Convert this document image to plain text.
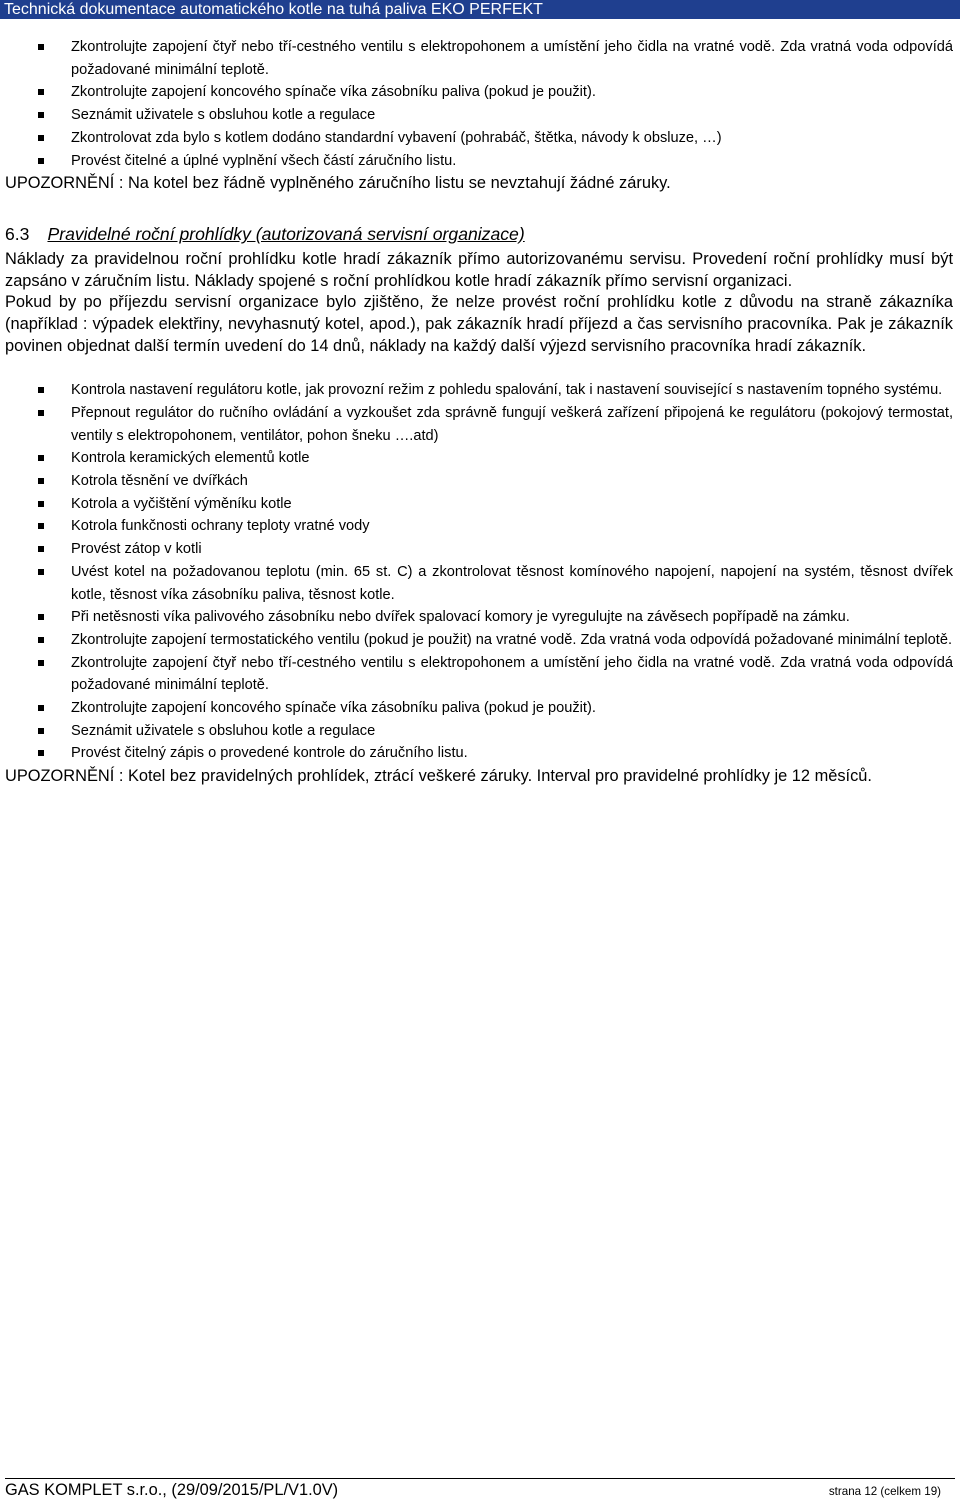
Technická dokumentace automatického kotle na tuhá paliva EKO PERFEKT
Zkontrolujte zapojení čtyř nebo tří-cestného ventilu s elektropohonem a umístění jeho čidla na vratné vodě. Zda vratná voda odpovídá požadované minimální teplotě.
Zkontrolujte zapojení koncového spínače víka zásobníku paliva (pokud je použit).
Seznámit uživatele s obsluhou kotle a regulace
Zkontrolovat zda bylo s kotlem dodáno standardní vybavení (pohrabáč, štětka, návody k obsluze, …)
Provést čitelné a úplné vyplnění všech částí záručního listu.
UPOZORNĚNÍ : Na kotel bez řádně vyplněného záručního listu se nevztahují žádné záruky.
6.3 Pravidelné roční prohlídky (autorizovaná servisní organizace)
Náklady za pravidelnou roční prohlídku kotle hradí zákazník přímo autorizovanému servisu. Provedení roční prohlídky musí být zapsáno v záručním listu. Náklady spojené s roční prohlídkou kotle hradí zákazník přímo servisní organizaci.
Pokud by po příjezdu servisní organizace bylo zjištěno, že nelze provést roční prohlídku kotle z důvodu na straně zákazníka (například : výpadek elektřiny, nevyhasnutý kotel, apod.), pak zákazník hradí příjezd a čas servisního pracovníka. Pak je zákazník povinen objednat další termín uvedení do 14 dnů, náklady na každý další výjezd servisního pracovníka hradí zákazník.
Kontrola nastavení regulátoru kotle, jak provozní režim z pohledu spalování, tak i nastavení související s nastavením topného systému.
Přepnout regulátor do ručního ovládání a vyzkoušet zda správně fungují veškerá zařízení připojená ke regulátoru (pokojový termostat, ventily s elektropohonem, ventilátor, pohon šneku ….atd)
Kontrola keramických elementů kotle
Kotrola těsnění ve dvířkách
Kotrola a vyčištění výměníku kotle
Kotrola funkčnosti ochrany teploty vratné vody
Provést zátop v kotli
Uvést kotel na požadovanou teplotu (min. 65 st. C) a zkontrolovat těsnost komínového napojení, napojení na systém, těsnost dvířek kotle, těsnost víka zásobníku paliva, těsnost kotle.
Při netěsnosti víka palivového zásobníku nebo dvířek spalovací komory je vyregulujte na závěsech popřípadě na zámku.
Zkontrolujte zapojení termostatického ventilu (pokud je použit) na vratné vodě. Zda vratná voda odpovídá požadované minimální teplotě.
Zkontrolujte zapojení čtyř nebo tří-cestného ventilu s elektropohonem a umístění jeho čidla na vratné vodě. Zda vratná voda odpovídá požadované minimální teplotě.
Zkontrolujte zapojení koncového spínače víka zásobníku paliva (pokud je použit).
Seznámit uživatele s obsluhou kotle a regulace
Provést čitelný zápis o provedené kontrole do záručního listu.
UPOZORNĚNÍ : Kotel bez pravidelných prohlídek, ztrácí veškeré záruky. Interval pro pravidelné prohlídky je 12 měsíců.
GAS KOMPLET s.r.o., (29/09/2015/PL/V1.0V)	strana 12 (celkem 19)
